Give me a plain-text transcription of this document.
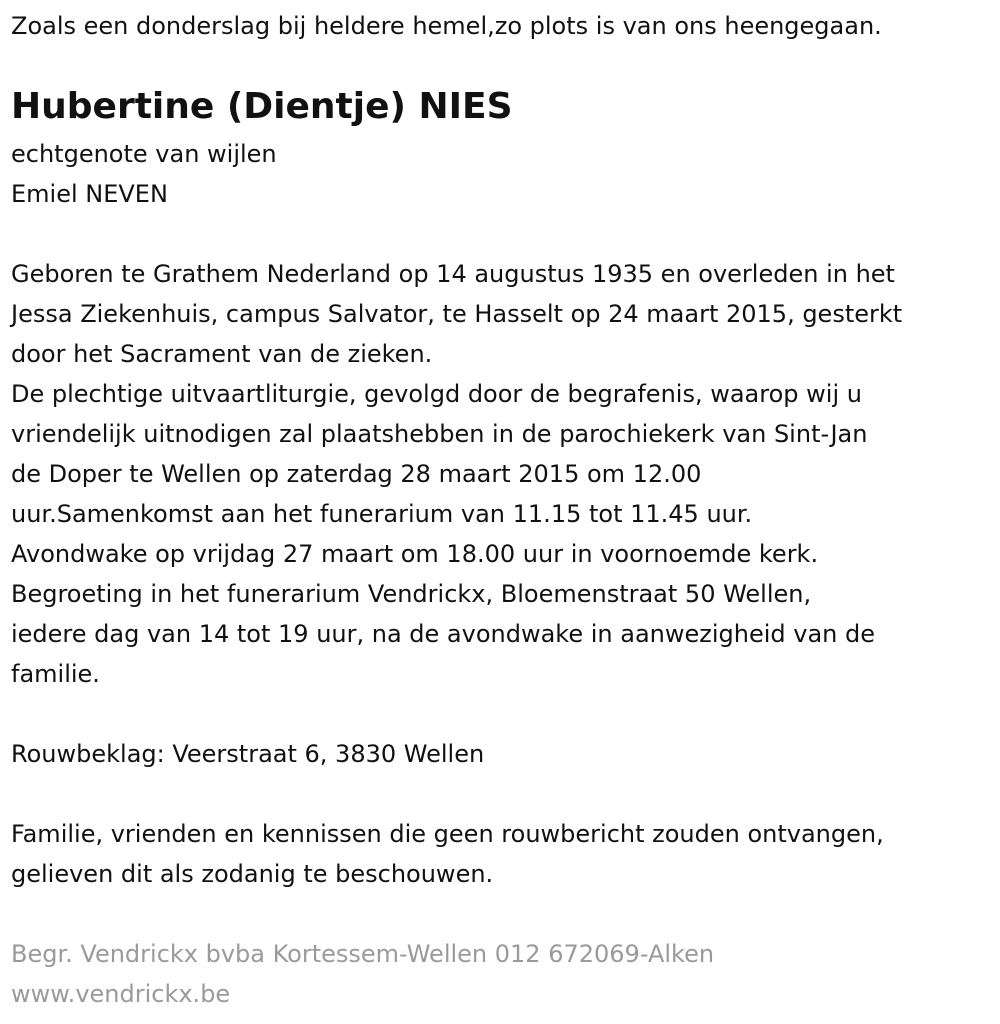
Zoals een donderslag bij heldere hemel,zo plots is van ons heengegaan.
Hubertine (Dientje) NIES
echtgenote van wijlen
Emiel NEVEN
Geboren te Grathem Nederland op 14 augustus 1935 en overleden in het
Jessa Ziekenhuis, campus Salvator, te Hasselt op 24 maart 2015, gesterkt
door het Sacrament van de zieken.
De plechtige uitvaartliturgie, gevolgd door de begrafenis, waarop wij u
vriendelijk uitnodigen zal plaatshebben in de parochiekerk van Sint-Jan
de Doper te Wellen op zaterdag 28 maart 2015 om 12.00
uur.Samenkomst aan het funerarium van 11.15 tot 11.45 uur.
Avondwake op vrijdag 27 maart om 18.00 uur in voornoemde kerk.
Begroeting in het funerarium Vendrickx, Bloemenstraat 50 Wellen,
iedere dag van 14 tot 19 uur, na de avondwake in aanwezigheid van de
familie.
Rouwbeklag: Veerstraat 6, 3830 Wellen
Familie, vrienden en kennissen die geen rouwbericht zouden ontvangen,
gelieven dit als zodanig te beschouwen.
Begr. Vendrickx bvba Kortessem-Wellen 012 672069-Alken
www.vendrickx.be
